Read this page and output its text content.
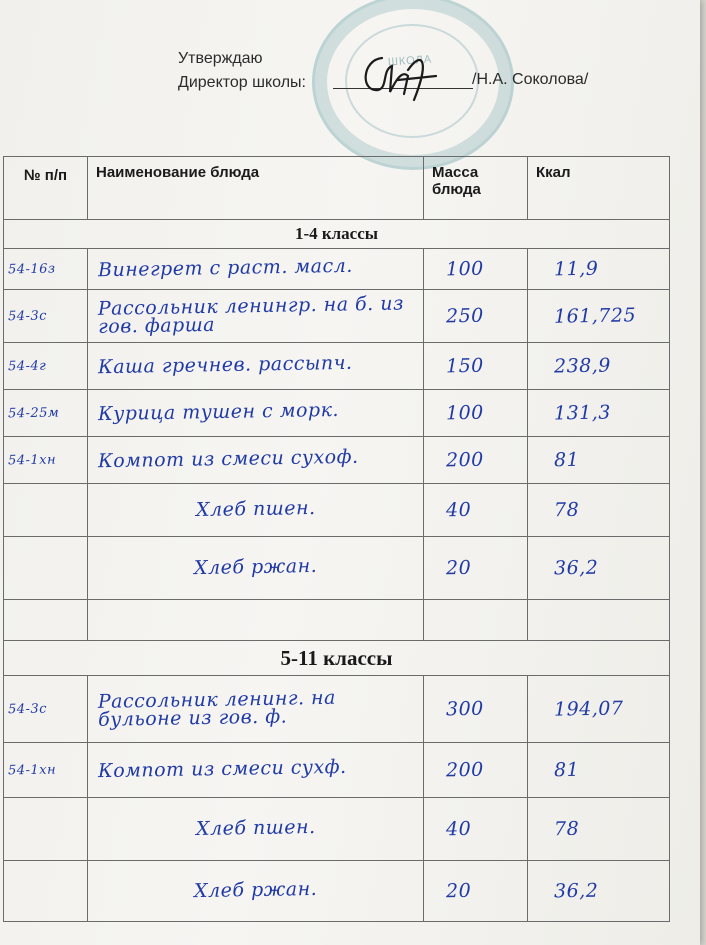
ШКОЛА
Утверждаю
Директор школы:	/Н.А. Соколова/
№ п/п	Наименование блюда	Масса блюда	Ккал
1-4 классы			
54-16з	Винегрет с раст. масл.	100	11,9
54-3с	Рассольник ленингр. на б. из гов. фарша	250	161,725
54-4г	Каша гречнев. рассыпч.	150	238,9
54-25м	Курица тушен с морк.	100	131,3
54-1хн	Компот из смеси сухоф.	200	81
	Хлеб пшен.	40	78
	Хлеб ржан.	20	36,2

5-11 классы			
54-3с	Рассольник ленинг. на бульоне из гов. ф.	300	194,07
54-1хн	Компот из смеси сухф.	200	81
	Хлеб пшен.	40	78
	Хлеб ржан.	20	36,2
